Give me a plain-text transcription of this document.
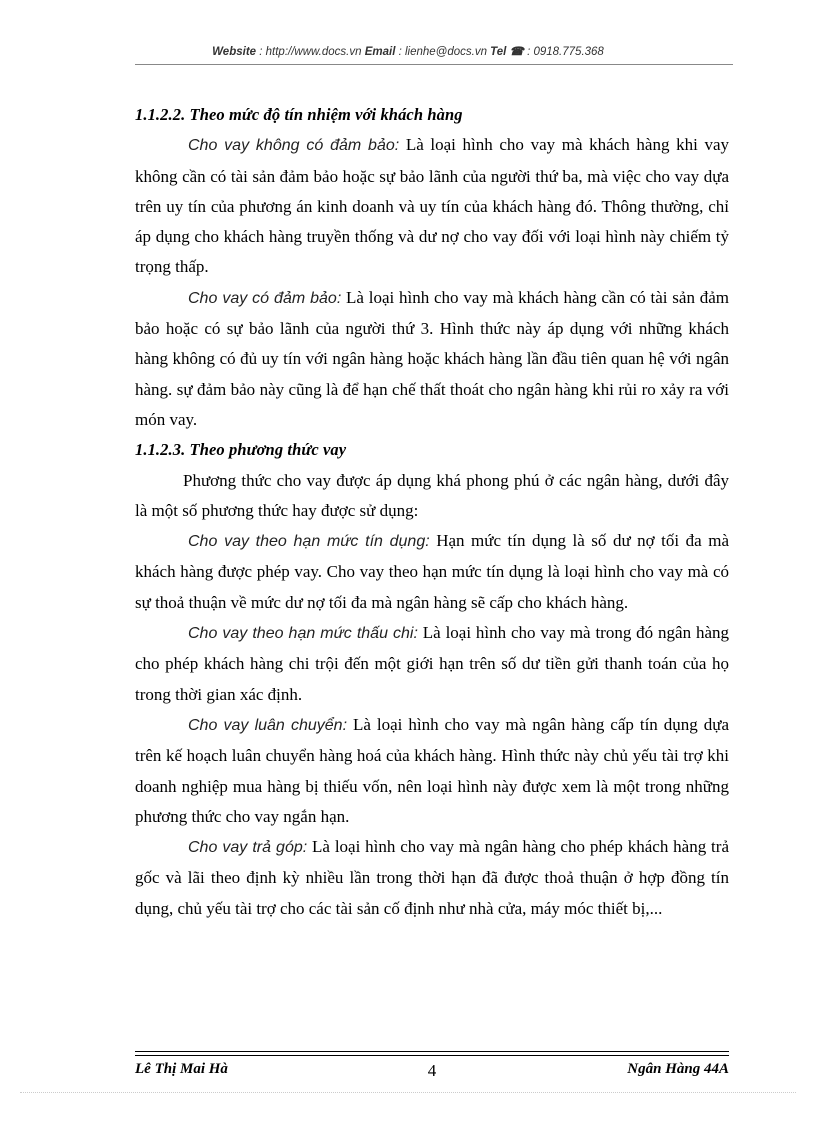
Website : http://www.docs.vn Email : lienhe@docs.vn Tel ☎ : 0918.775.368

1.1.2.2. Theo mức độ tín nhiệm với khách hàng

Cho vay không có đảm bảo: Là loại hình cho vay mà khách hàng khi vay không cần có tài sản đảm bảo hoặc sự bảo lãnh của người thứ ba, mà việc cho vay dựa trên uy tín của phương án kinh doanh và uy tín của khách hàng đó. Thông thường, chỉ áp dụng cho khách hàng truyền thống và dư nợ cho vay đối với loại hình này chiếm tỷ trọng thấp.

Cho vay có đảm bảo: Là loại hình cho vay mà khách hàng cần có tài sản đảm bảo hoặc có sự bảo lãnh của người thứ 3. Hình thức này áp dụng với những khách hàng không có đủ uy tín với ngân hàng hoặc khách hàng lần đầu tiên quan hệ với ngân hàng. sự đảm bảo này cũng là để hạn chế thất thoát cho ngân hàng khi rủi ro xảy ra với món vay.

1.1.2.3. Theo phương thức vay

Phương thức cho vay được áp dụng khá phong phú ở các ngân hàng, dưới đây là một số phương thức hay được sử dụng:

Cho vay theo hạn mức tín dụng: Hạn mức tín dụng là số dư nợ tối đa mà khách hàng được phép vay. Cho vay theo hạn mức tín dụng là loại hình cho vay mà có sự thoả thuận về mức dư nợ tối đa mà ngân hàng sẽ cấp cho khách hàng.

Cho vay theo hạn mức thấu chi: Là loại hình cho vay mà trong đó ngân hàng cho phép khách hàng chi trội đến một giới hạn trên số dư tiền gửi thanh toán của họ trong thời gian xác định.

Cho vay luân chuyển: Là loại hình cho vay mà ngân hàng cấp tín dụng dựa trên kế hoạch luân chuyển hàng hoá của khách hàng. Hình thức này chủ yếu tài trợ khi doanh nghiệp mua hàng bị thiếu vốn, nên loại hình này được xem là một trong những phương thức cho vay ngắn hạn.

Cho vay trả góp: Là loại hình cho vay mà ngân hàng cho phép khách hàng trả gốc và lãi theo định kỳ nhiều lần trong thời hạn đã được thoả thuận ở hợp đồng tín dụng, chủ yếu tài trợ cho các tài sản cố định như nhà cửa, máy móc thiết bị,...

Lê Thị Mai Hà	4	Ngân Hàng 44A
